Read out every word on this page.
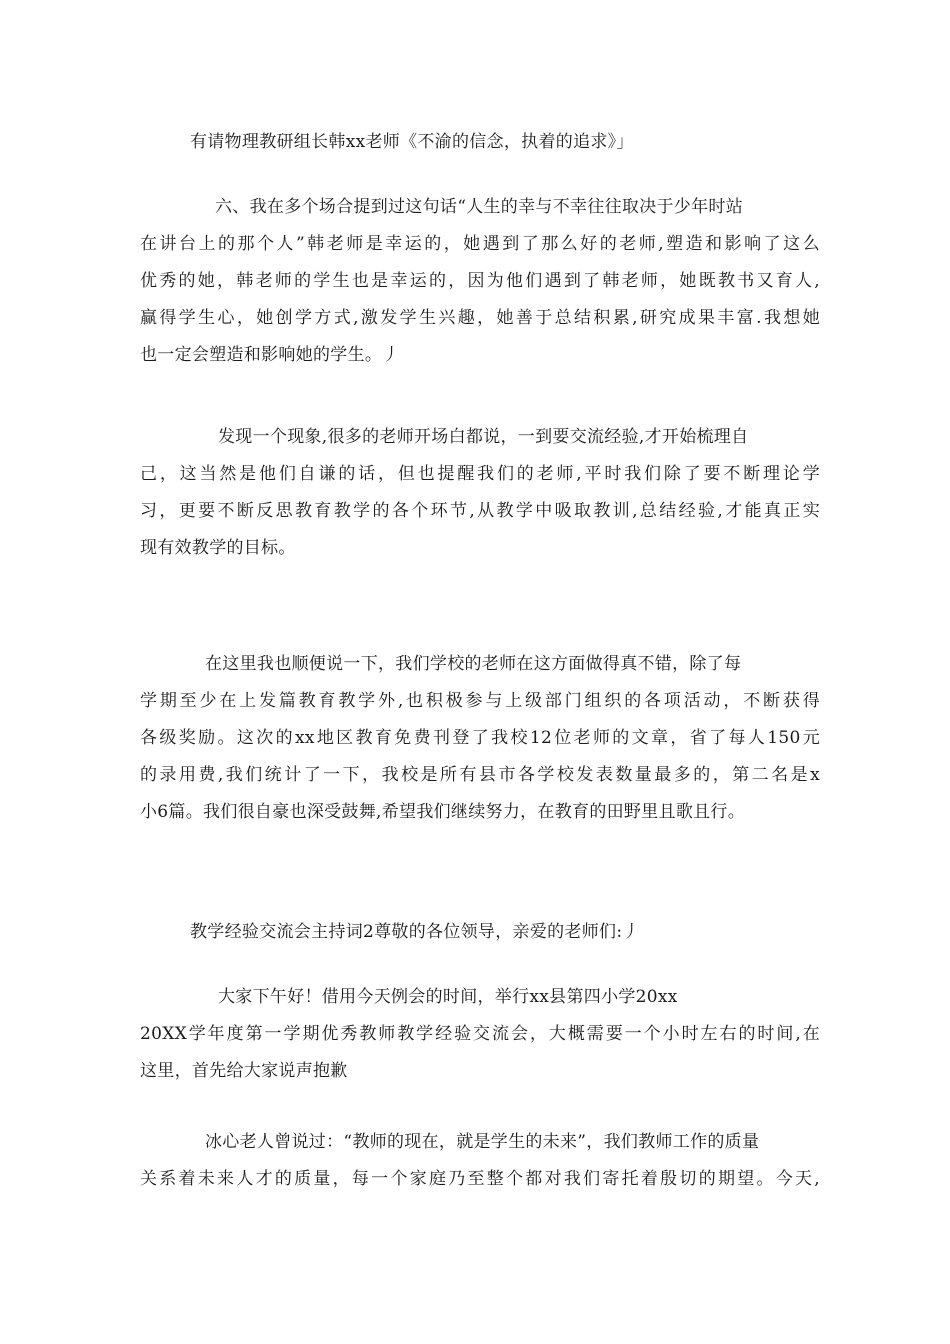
有请物理教研组长韩xx老师《不渝的信念，执着的追求》」
六、我在多个场合提到过这句话“人生的幸与不幸往往取决于少年时站
在讲台上的那个人”韩老师是幸运的，她遇到了那么好的老师,塑造和影响了这么
优秀的她，韩老师的学生也是幸运的，因为他们遇到了韩老师，她既教书又育人,
赢得学生心，她创学方式,激发学生兴趣，她善于总结积累,研究成果丰富.我想她
也一定会塑造和影响她的学生。丿
发现一个现象,很多的老师开场白都说，一到要交流经验,才开始梳理自
己，这当然是他们自谦的话，但也提醒我们的老师,平时我们除了要不断理论学
习，更要不断反思教育教学的各个环节,从教学中吸取教训,总结经验,才能真正实
现有效教学的目标。
在这里我也顺便说一下，我们学校的老师在这方面做得真不错，除了每
学期至少在上发篇教育教学外,也积极参与上级部门组织的各项活动，不断获得
各级奖励。这次的xx地区教育免费刊登了我校12位老师的文章，省了每人150元
的录用费,我们统计了一下，我校是所有县市各学校发表数量最多的，第二名是x
小6篇。我们很自豪也深受鼓舞,希望我们继续努力，在教育的田野里且歌且行。
教学经验交流会主持词2尊敬的各位领导，亲爱的老师们:丿
大家下午好！借用今天例会的时间，举行xx县第四小学20xx
20XX学年度第一学期优秀教师教学经验交流会，大概需要一个小时左右的时间,在
这里，首先给大家说声抱歉
冰心老人曾说过：“教师的现在，就是学生的未来”，我们教师工作的质量
关系着未来人才的质量，每一个家庭乃至整个都对我们寄托着殷切的期望。今天,
